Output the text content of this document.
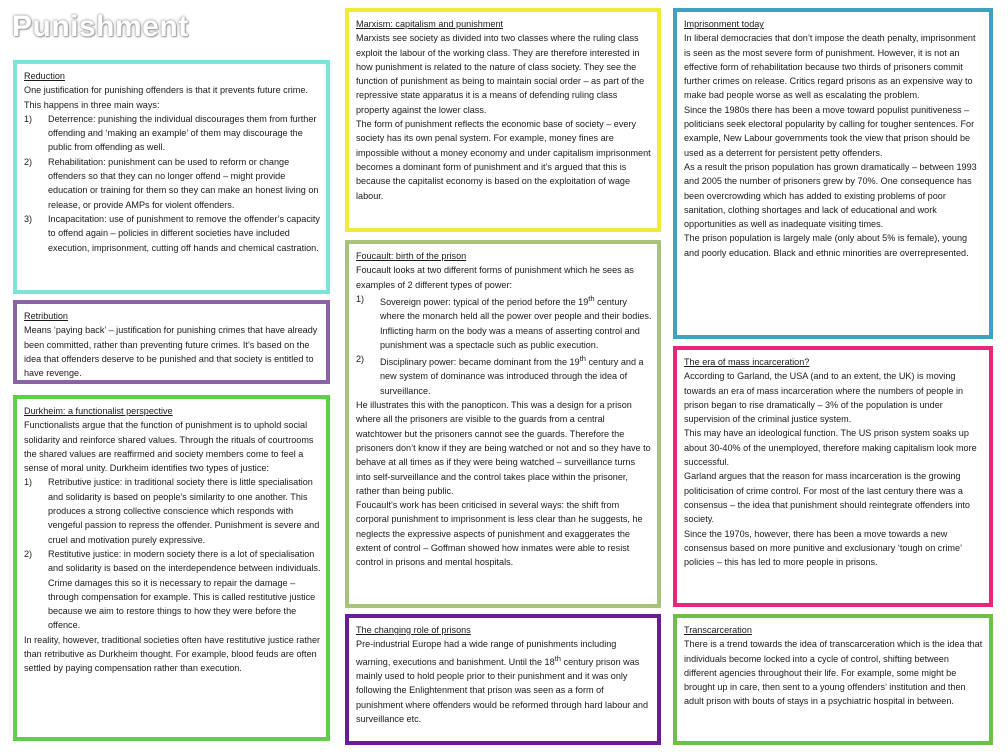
Punishment
Reduction

One justification for punishing offenders is that it prevents future crime. This happens in three main ways:

1) Deterrence: punishing the individual discourages them from further offending and ‘making an example’ of them may discourage the public from offending as well.
2) Rehabilitation: punishment can be used to reform or change offenders so that they can no longer offend – might provide education or training for them so they can make an honest living on release, or provide AMPs for violent offenders.
3) Incapacitation: use of punishment to remove the offender’s capacity to offend again – policies in different societies have included execution, imprisonment, cutting off hands and chemical castration.
Retribution

Means ‘paying back’ – justification for punishing crimes that have already been committed, rather than preventing future crimes. It’s based on the idea that offenders deserve to be punished and that society is entitled to have revenge.

Durkheim: a functionalist perspective

Functionalists argue that the function of punishment is to uphold social solidarity and reinforce shared values. Through the rituals of courtrooms the shared values are reaffirmed and society members come to feel a sense of moral unity. Durkheim identifies two types of justice:

1) Retributive justice: in traditional society there is little specialisation and solidarity is based on people’s similarity to one another. This produces a strong collective conscience which responds with vengeful passion to repress the offender. Punishment is severe and cruel and motivation purely expressive.
2) Restitutive justice: in modern society there is a lot of specialisation and solidarity is based on the interdependence between individuals. Crime damages this so it is necessary to repair the damage – through compensation for example. This is called restitutive justice because we aim to restore things to how they were before the offence.

In reality, however, traditional societies often have restitutive justice rather than retributive as Durkheim thought. For example, blood feuds are often settled by paying compensation rather than execution.

Marxism: capitalism and punishment

Marxists see society as divided into two classes where the ruling class exploit the labour of the working class. They are therefore interested in how punishment is related to the nature of class society. They see the function of punishment as being to maintain social order – as part of the repressive state apparatus it is a means of defending ruling class property against the lower class.

The form of punishment reflects the economic base of society – every society has its own penal system. For example, money fines are impossible without a money economy and under capitalism imprisonment becomes a dominant form of punishment and it’s argued that this is because the capitalist economy is based on the exploitation of wage labour.

Foucault: birth of the prison

Foucault looks at two different forms of punishment which he sees as examples of 2 different types of power:

1) Sovereign power: typical of the period before the 19th century where the monarch held all the power over people and their bodies. Inflicting harm on the body was a means of asserting control and punishment was a spectacle such as public execution.
2) Disciplinary power: became dominant from the 19th century and a new system of dominance was introduced through the idea of surveillance.

He illustrates this with the panopticon. This was a design for a prison where all the prisoners are visible to the guards from a central watchtower but the prisoners cannot see the guards. Therefore the prisoners don’t know if they are being watched or not and so they have to behave at all times as if they were being watched – surveillance turns into self-surveillance and the control takes place within the prisoner, rather than being public.

Foucault’s work has been criticised in several ways: the shift from corporal punishment to imprisonment is less clear than he suggests, he neglects the expressive aspects of punishment and exaggerates the extent of control – Goffman showed how inmates were able to resist control in prisons and mental hospitals.

The changing role of prisons

Pre-industrial Europe had a wide range of punishments including warning, executions and banishment. Until the 18th century prison was mainly used to hold people prior to their punishment and it was only following the Enlightenment that prison was seen as a form of punishment where offenders would be reformed through hard labour and surveillance etc.

Imprisonment today

In liberal democracies that don’t impose the death penalty, imprisonment is seen as the most severe form of punishment. However, it is not an effective form of rehabilitation because two thirds of prisoners commit further crimes on release. Critics regard prisons as an expensive way to make bad people worse as well as escalating the problem.

Since the 1980s there has been a move toward populist punitiveness – politicians seek electoral popularity by calling for tougher sentences. For example, New Labour governments took the view that prison should be used as a deterrent for persistent petty offenders.

As a result the prison population has grown dramatically – between 1993 and 2005 the number of prisoners grew by 70%. One consequence has been overcrowding which has added to existing problems of poor sanitation, clothing shortages and lack of educational and work opportunities as well as inadequate visiting times.

The prison population is largely male (only about 5% is female), young and poorly education. Black and ethnic minorities are overrepresented.

The era of mass incarceration?

According to Garland, the USA (and to an extent, the UK) is moving towards an era of mass incarceration where the numbers of people in prison began to rise dramatically – 3% of the population is under supervision of the criminal justice system.

This may have an ideological function. The US prison system soaks up about 30-40% of the unemployed, therefore making capitalism look more successful.

Garland argues that the reason for mass incarceration is the growing politicisation of crime control. For most of the last century there was a consensus – the idea that punishment should reintegrate offenders into society.

Since the 1970s, however, there has been a move towards a new consensus based on more punitive and exclusionary ‘tough on crime’ policies – this has led to more people in prisons.

Transcarceration

There is a trend towards the idea of transcarceration which is the idea that individuals become locked into a cycle of control, shifting between different agencies throughout their life. For example, some might be brought up in care, then sent to a young offenders’ institution and then adult prison with bouts of stays in a psychiatric hospital in between.
